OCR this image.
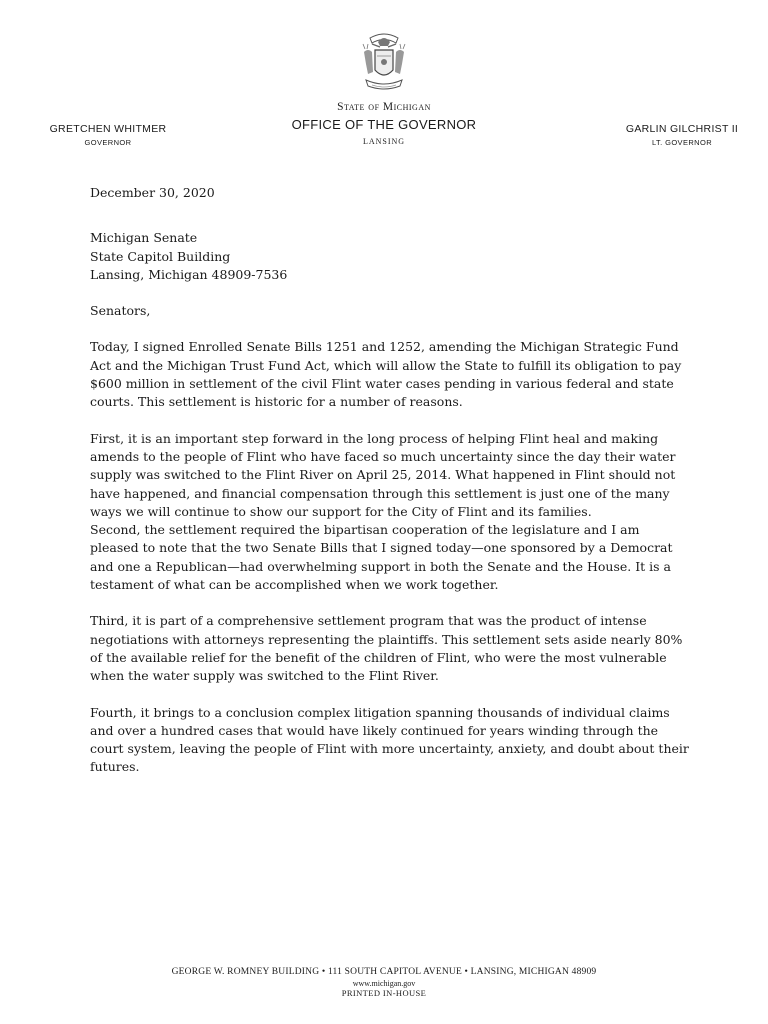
GRETCHEN WHITMER
GOVERNOR
State of Michigan
OFFICE OF THE GOVERNOR
LANSING
GARLIN GILCHRIST II
LT. GOVERNOR

December 30, 2020

Michigan Senate
State Capitol Building
Lansing, Michigan 48909-7536

Senators,

Today, I signed Enrolled Senate Bills 1251 and 1252, amending the Michigan Strategic Fund Act and the Michigan Trust Fund Act, which will allow the State to fulfill its obligation to pay $600 million in settlement of the civil Flint water cases pending in various federal and state courts. This settlement is historic for a number of reasons.

First, it is an important step forward in the long process of helping Flint heal and making amends to the people of Flint who have faced so much uncertainty since the day their water supply was switched to the Flint River on April 25, 2014. What happened in Flint should not have happened, and financial compensation through this settlement is just one of the many ways we will continue to show our support for the City of Flint and its families.

Second, the settlement required the bipartisan cooperation of the legislature and I am pleased to note that the two Senate Bills that I signed today—one sponsored by a Democrat and one a Republican—had overwhelming support in both the Senate and the House. It is a testament of what can be accomplished when we work together.

Third, it is part of a comprehensive settlement program that was the product of intense negotiations with attorneys representing the plaintiffs. This settlement sets aside nearly 80% of the available relief for the benefit of the children of Flint, who were the most vulnerable when the water supply was switched to the Flint River.

Fourth, it brings to a conclusion complex litigation spanning thousands of individual claims and over a hundred cases that would have likely continued for years winding through the court system, leaving the people of Flint with more uncertainty, anxiety, and doubt about their futures.

GEORGE W. ROMNEY BUILDING • 111 SOUTH CAPITOL AVENUE • LANSING, MICHIGAN 48909
www.michigan.gov
PRINTED IN-HOUSE
